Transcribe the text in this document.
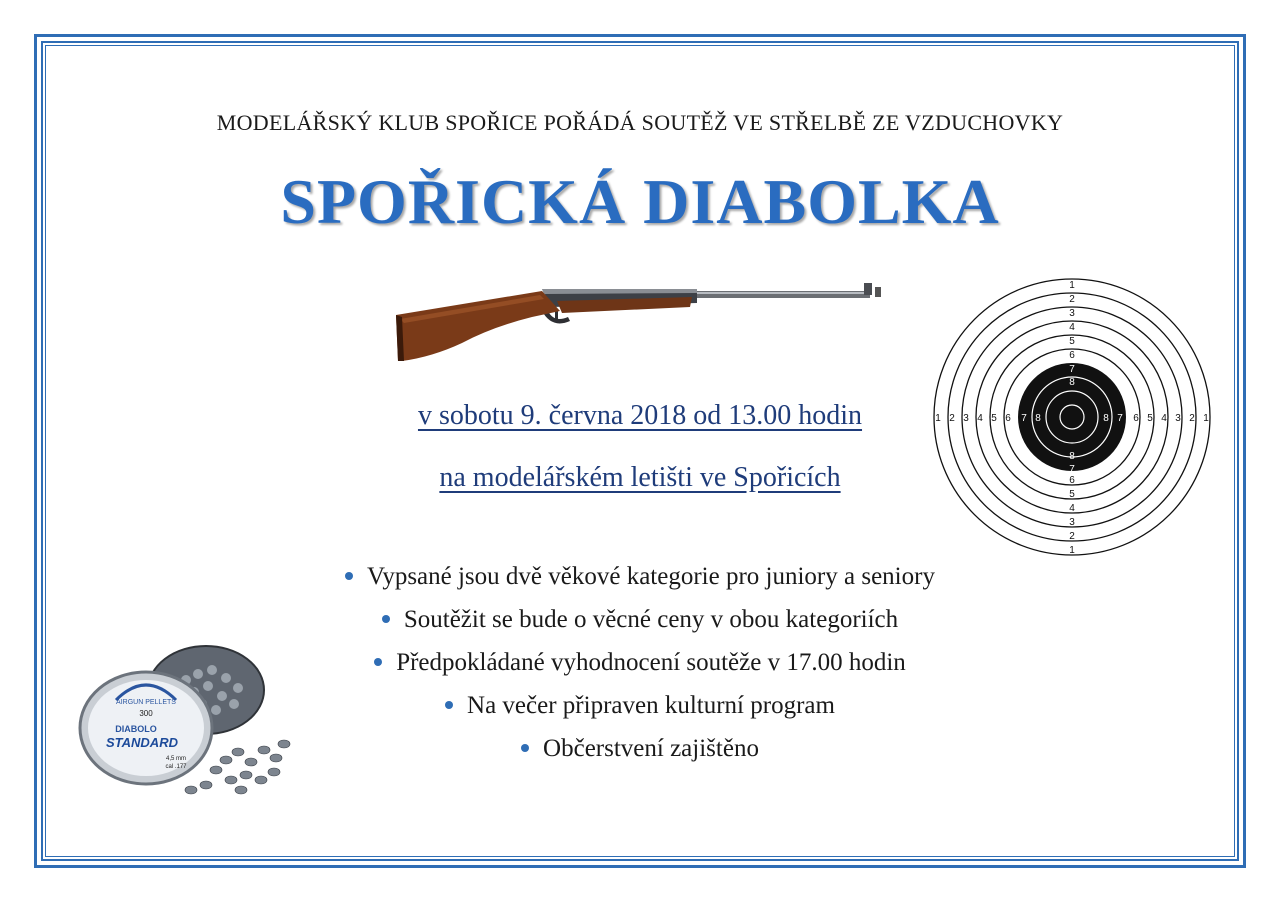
MODELÁŘSKÝ KLUB SPOŘICE POŘÁDÁ SOUTĚŽ VE STŘELBĚ ZE VZDUCHOVKY
SPOŘICKÁ DIABOLKA
1
2
3
4
5
6
1
2
3
4
5
6
1 2 3 4 5 6	1
2
3
4
5
6
7
8
7
8
7 8	7
8
v sobotu 9. června 2018 od 13.00 hodin
na modelářském letišti ve Spořicích
Vypsané jsou dvě věkové kategorie pro juniory a seniory
Soutěžit se bude o věcné ceny v obou kategoriích
Předpokládané vyhodnocení soutěže v 17.00 hodin
Na večer připraven kulturní program
Občerstvení zajištěno
AIRGUN PELLETS
300
DIABOLO
STANDARD
4,5 mm
cal .177
